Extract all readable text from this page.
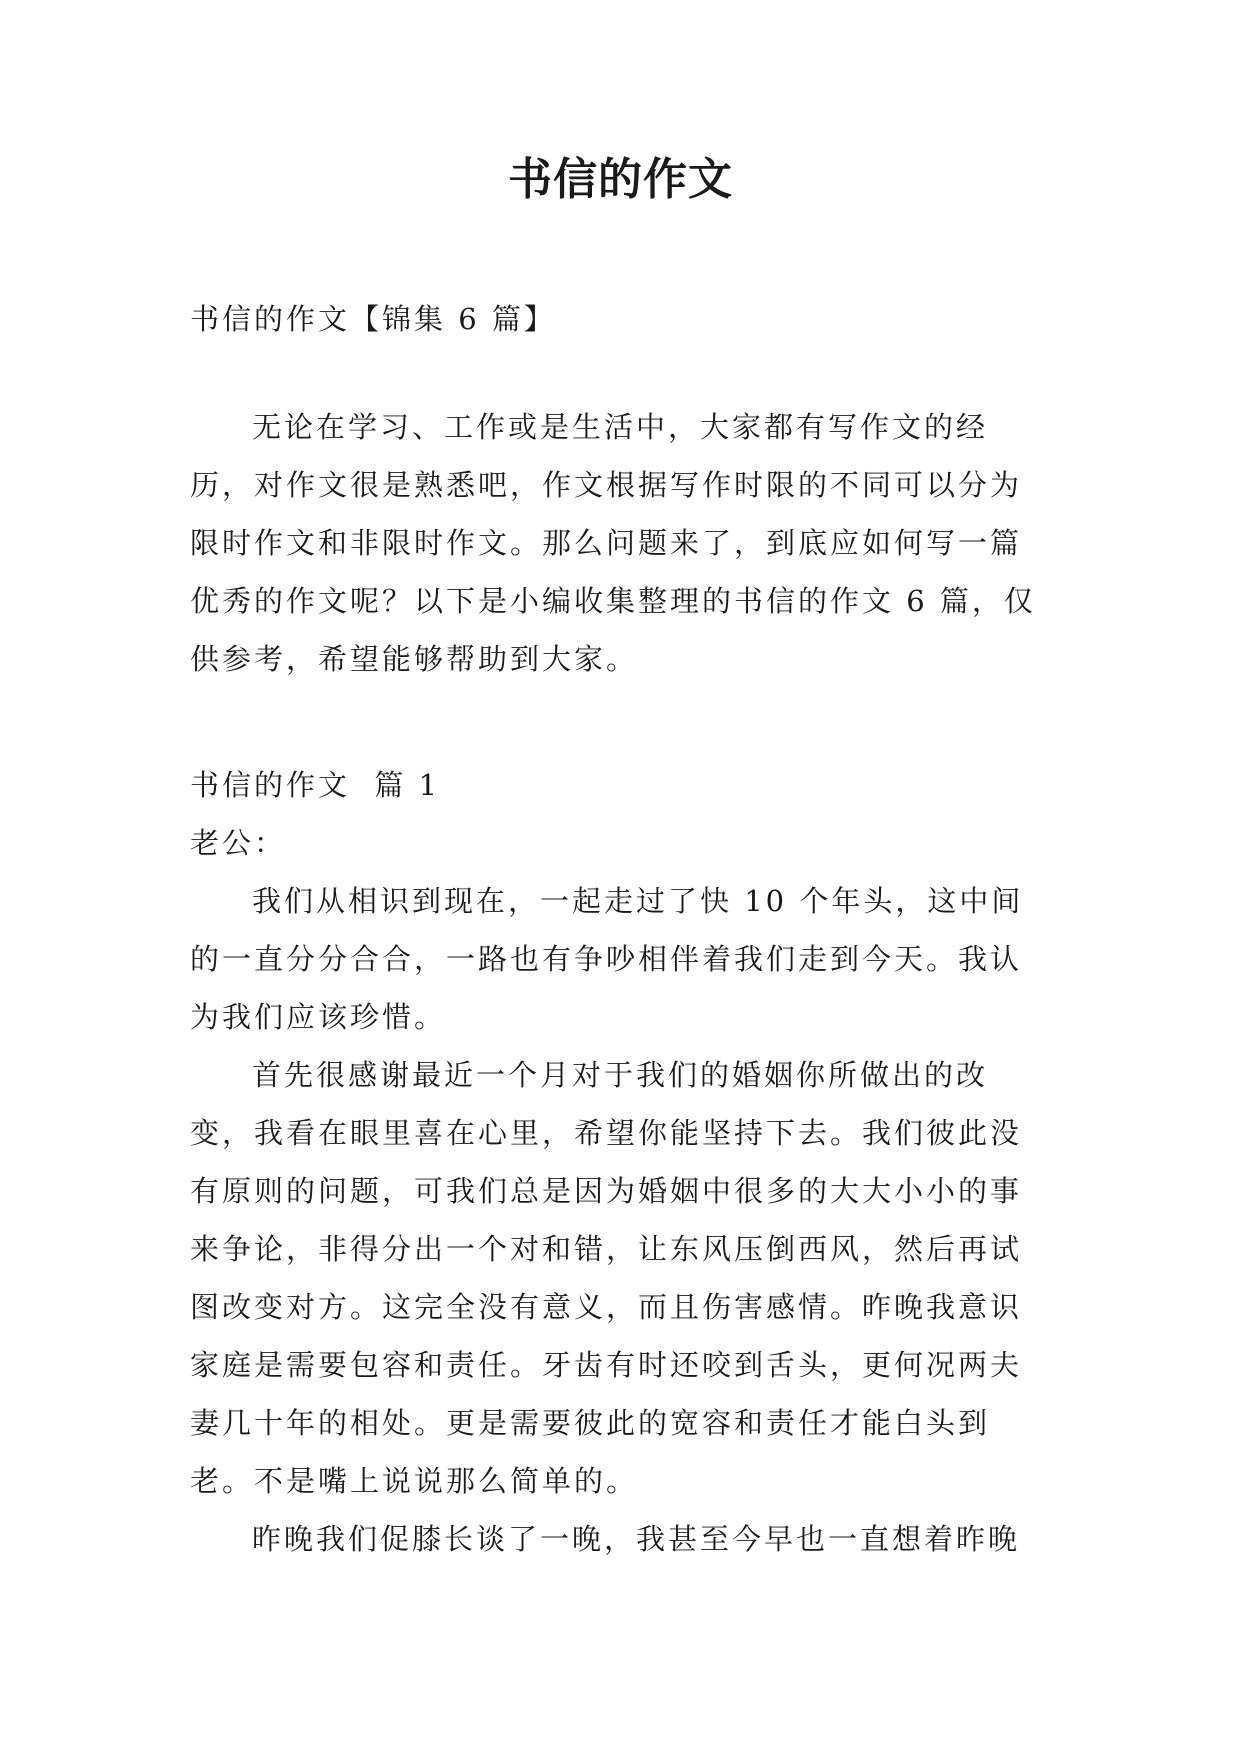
书信的作文

书信的作文【锦集 6 篇】

无论在学习、工作或是生活中，大家都有写作文的经历，对作文很是熟悉吧，作文根据写作时限的不同可以分为限时作文和非限时作文。那么问题来了，到底应如何写一篇优秀的作文呢？以下是小编收集整理的书信的作文 6 篇，仅供参考，希望能够帮助到大家。

书信的作文  篇 1

老公：

我们从相识到现在，一起走过了快 10 个年头，这中间的一直分分合合，一路也有争吵相伴着我们走到今天。我认为我们应该珍惜。

首先很感谢最近一个月对于我们的婚姻你所做出的改变，我看在眼里喜在心里，希望你能坚持下去。我们彼此没有原则的问题，可我们总是因为婚姻中很多的大大小小的事来争论，非得分出一个对和错，让东风压倒西风，然后再试图改变对方。这完全没有意义，而且伤害感情。昨晚我意识家庭是需要包容和责任。牙齿有时还咬到舌头，更何况两夫妻几十年的相处。更是需要彼此的宽容和责任才能白头到老。不是嘴上说说那么简单的。

昨晚我们促膝长谈了一晚，我甚至今早也一直想着昨晚
